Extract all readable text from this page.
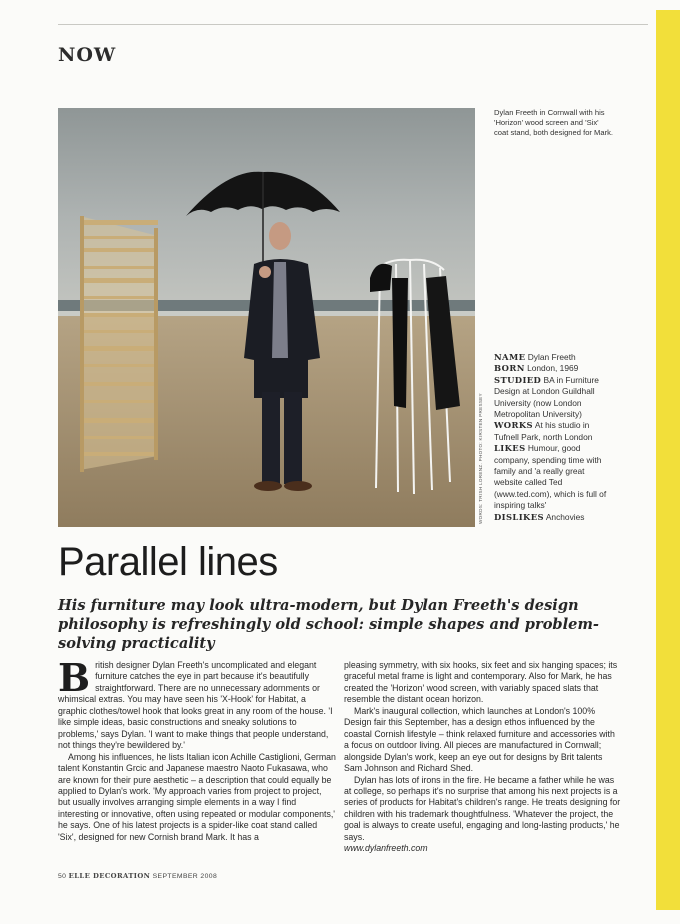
NOW
Dylan Freeth in Cornwall with his 'Horizon' wood screen and 'Six' coat stand, both designed for Mark.
WORDS: TRISH LORENZ. PHOTO: KIRSTEN PRESSEY
NAME Dylan Freeth
BORN London, 1969
STUDIED BA in Furniture Design at London Guildhall University (now London Metropolitan University)
WORKS At his studio in Tufnell Park, north London
LIKES Humour, good company, spending time with family and 'a really great website called Ted (www.ted.com), which is full of inspiring talks'
DISLIKES Anchovies
Parallel lines
His furniture may look ultra-modern, but Dylan Freeth's design philosophy is refreshingly old school: simple shapes and problem-solving practicality

British designer Dylan Freeth's uncomplicated and elegant furniture catches the eye in part because it's beautifully straightforward. There are no unnecessary adornments or whimsical extras. You may have seen his 'X-Hook' for Habitat, a graphic clothes/towel hook that looks great in any room of the house. 'I like simple ideas, basic constructions and sneaky solutions to problems,' says Dylan. 'I want to make things that people understand, not things they're bewildered by.'

Among his influences, he lists Italian icon Achille Castiglioni, German talent Konstantin Grcic and Japanese maestro Naoto Fukasawa, who are known for their pure aesthetic – a description that could equally be applied to Dylan's work. 'My approach varies from project to project, but usually involves arranging simple elements in a way I find interesting or innovative, often using repeated or modular components,' he says. One of his latest projects is a spider-like coat stand called 'Six', designed for new Cornish brand Mark. It has a

pleasing symmetry, with six hooks, six feet and six hanging spaces; its graceful metal frame is light and contemporary. Also for Mark, he has created the 'Horizon' wood screen, with variably spaced slats that resemble the distant ocean horizon.

Mark's inaugural collection, which launches at London's 100% Design fair this September, has a design ethos influenced by the coastal Cornish lifestyle – think relaxed furniture and accessories with a focus on outdoor living. All pieces are manufactured in Cornwall; alongside Dylan's work, keep an eye out for designs by Brit talents Sam Johnson and Richard Shed.

Dylan has lots of irons in the fire. He became a father while he was at college, so perhaps it's no surprise that among his next projects is a series of products for Habitat's children's range. He treats designing for children with his trademark thoughtfulness. 'Whatever the project, the goal is always to create useful, engaging and long-lasting products,' he says.

www.dylanfreeth.com

50 ELLE DECORATION SEPTEMBER 2008
